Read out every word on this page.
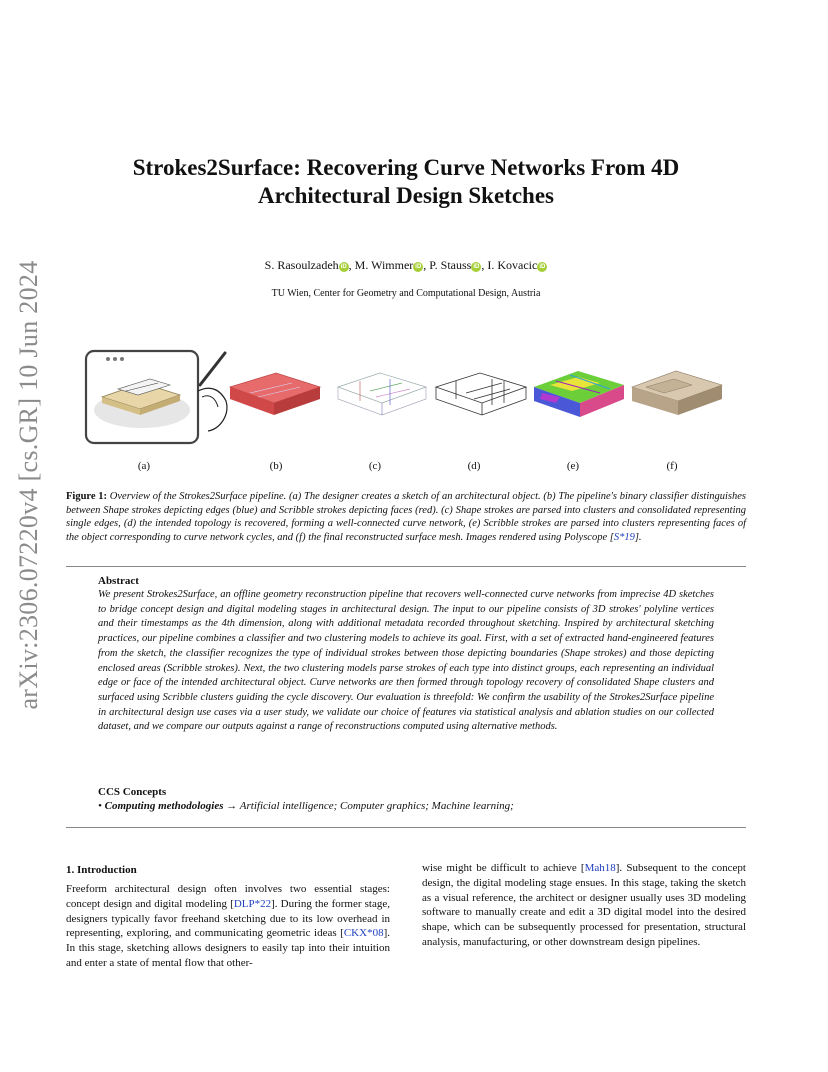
arXiv:2306.07220v4 [cs.GR] 10 Jun 2024
Strokes2Surface: Recovering Curve Networks From 4D
Architectural Design Sketches
S. Rasoulzadeh iD , M. Wimmer iD , P. Stauss iD , I. Kovacic iD
TU Wien, Center for Geometry and Computational Design, Austria
(a)	(b)	(c)	(d)	(e)	(f)
Figure 1: Overview of the Strokes2Surface pipeline. (a) The designer creates a sketch of an architectural object. (b) The pipeline's binary classifier distinguishes between Shape strokes depicting edges (blue) and Scribble strokes depicting faces (red). (c) Shape strokes are parsed into clusters and consolidated representing single edges, (d) the intended topology is recovered, forming a well-connected curve network, (e) Scribble strokes are parsed into clusters representing faces of the object corresponding to curve network cycles, and (f) the final reconstructed surface mesh. Images rendered using Polyscope [S*19].
Abstract
We present Strokes2Surface, an offline geometry reconstruction pipeline that recovers well-connected curve networks from imprecise 4D sketches to bridge concept design and digital modeling stages in architectural design. The input to our pipeline consists of 3D strokes' polyline vertices and their timestamps as the 4th dimension, along with additional metadata recorded throughout sketching. Inspired by architectural sketching practices, our pipeline combines a classifier and two clustering models to achieve its goal. First, with a set of extracted hand-engineered features from the sketch, the classifier recognizes the type of individual strokes between those depicting boundaries (Shape strokes) and those depicting enclosed areas (Scribble strokes). Next, the two clustering models parse strokes of each type into distinct groups, each representing an individual edge or face of the intended architectural object. Curve networks are then formed through topology recovery of consolidated Shape clusters and surfaced using Scribble clusters guiding the cycle discovery. Our evaluation is threefold: We confirm the usability of the Strokes2Surface pipeline in architectural design use cases via a user study, we validate our choice of features via statistical analysis and ablation studies on our collected dataset, and we compare our outputs against a range of reconstructions computed using alternative methods.
CCS Concepts
• Computing methodologies → Artificial intelligence; Computer graphics; Machine learning;
1. Introduction
Freeform architectural design often involves two essential stages: concept design and digital modeling [DLP*22]. During the former stage, designers typically favor freehand sketching due to its low overhead in representing, exploring, and communicating geometric ideas [CKX*08]. In this stage, sketching allows designers to easily tap into their intuition and enter a state of mental flow that other-
wise might be difficult to achieve [Mah18]. Subsequent to the concept design, the digital modeling stage ensues. In this stage, taking the sketch as a visual reference, the architect or designer usually uses 3D modeling software to manually create and edit a 3D digital model into the desired shape, which can be subsequently processed for presentation, structural analysis, manufacturing, or other downstream design pipelines.
